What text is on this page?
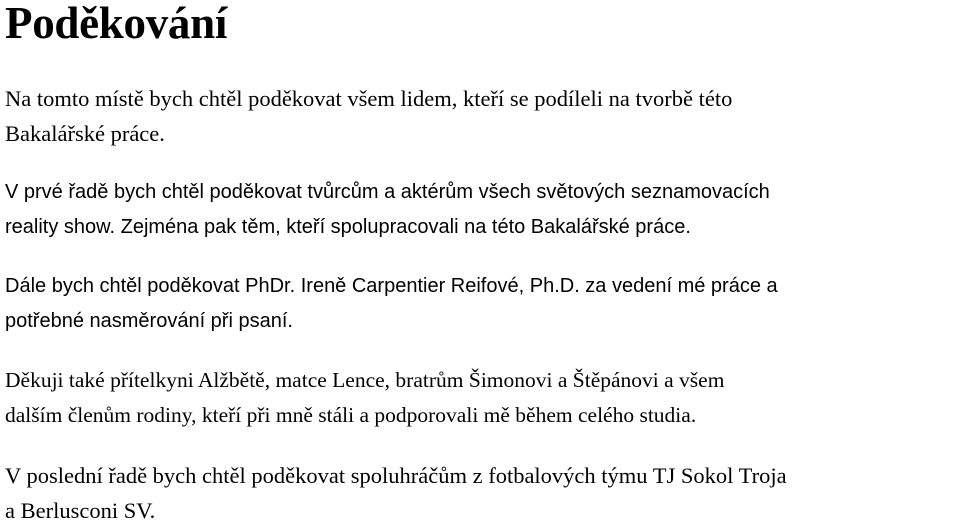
Poděkování

Na tomto místě bych chtěl poděkovat všem lidem, kteří se podíleli na tvorbě této
Bakalářské práce.

V prvé řadě bych chtěl poděkovat tvůrcům a aktérům všech světových seznamovacích
reality show. Zejména pak těm, kteří spolupracovali na této Bakalářské práce.

Dále bych chtěl poděkovat PhDr. Ireně Carpentier Reifové, Ph.D. za vedení mé práce a
potřebné nasměrování při psaní.

Děkuji také přítelkyni Alžbětě, matce Lence, bratrům Šimonovi a Štěpánovi a všem
dalším členům rodiny, kteří při mně stáli a podporovali mě během celého studia.

V poslední řadě bych chtěl poděkovat spoluhráčům z fotbalových týmu TJ Sokol Troja
a Berlusconi SV.
